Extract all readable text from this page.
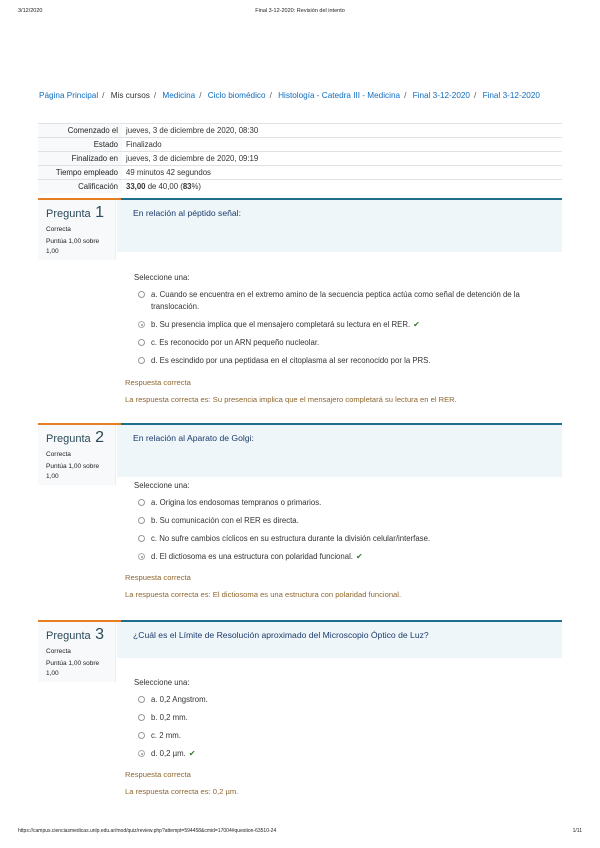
3/12/2020	Final 3-12-2020: Revisión del intento
Página Principal / Mis cursos / Medicina / Ciclo biomédico / Histología - Catedra III - Medicina / Final 3-12-2020 / Final 3-12-2020
Comenzado el	jueves, 3 de diciembre de 2020, 08:30
Estado	Finalizado
Finalizado en	jueves, 3 de diciembre de 2020, 09:19
Tiempo empleado	49 minutos 42 segundos
Calificación	33,00 de 40,00 (83%)
Pregunta 1
Correcta
Puntúa 1,00 sobre 1,00
En relación al péptido señal:
Seleccione una:
a. Cuando se encuentra en el extremo amino de la secuencia peptica actúa como señal de detención de la translocación.
b. Su presencia implica que el mensajero completará su lectura en el RER. ✔
c. Es reconocido por un ARN pequeño nucleolar.
d. Es escindido por una peptidasa en el citoplasma al ser reconocido por la PRS.
Respuesta correcta
La respuesta correcta es: Su presencia implica que el mensajero completará su lectura en el RER.
Pregunta 2
Correcta
Puntúa 1,00 sobre 1,00
En relación al Aparato de Golgi:
Seleccione una:
a. Origina los endosomas tempranos o primarios.
b. Su comunicación con el RER es directa.
c. No sufre cambios cíclicos en su estructura durante la división celular/interfase.
d. El dictiosoma es una estructura con polaridad funcional. ✔
Respuesta correcta
La respuesta correcta es: El dictiosoma es una estructura con polaridad funcional.
Pregunta 3
Correcta
Puntúa 1,00 sobre 1,00
¿Cuál es el Límite de Resolución aproximado del Microscopio Óptico de Luz?
Seleccione una:
a. 0,2 Angstrom.
b. 0,2 mm.
c. 2 mm.
d. 0,2 µm. ✔
Respuesta correcta
La respuesta correcta es: 0,2 µm.
https://campus.cienciasmedicas.unlp.edu.ar/mod/quiz/review.php?attempt=594458&cmid=17004#question-63510-24	1/11
